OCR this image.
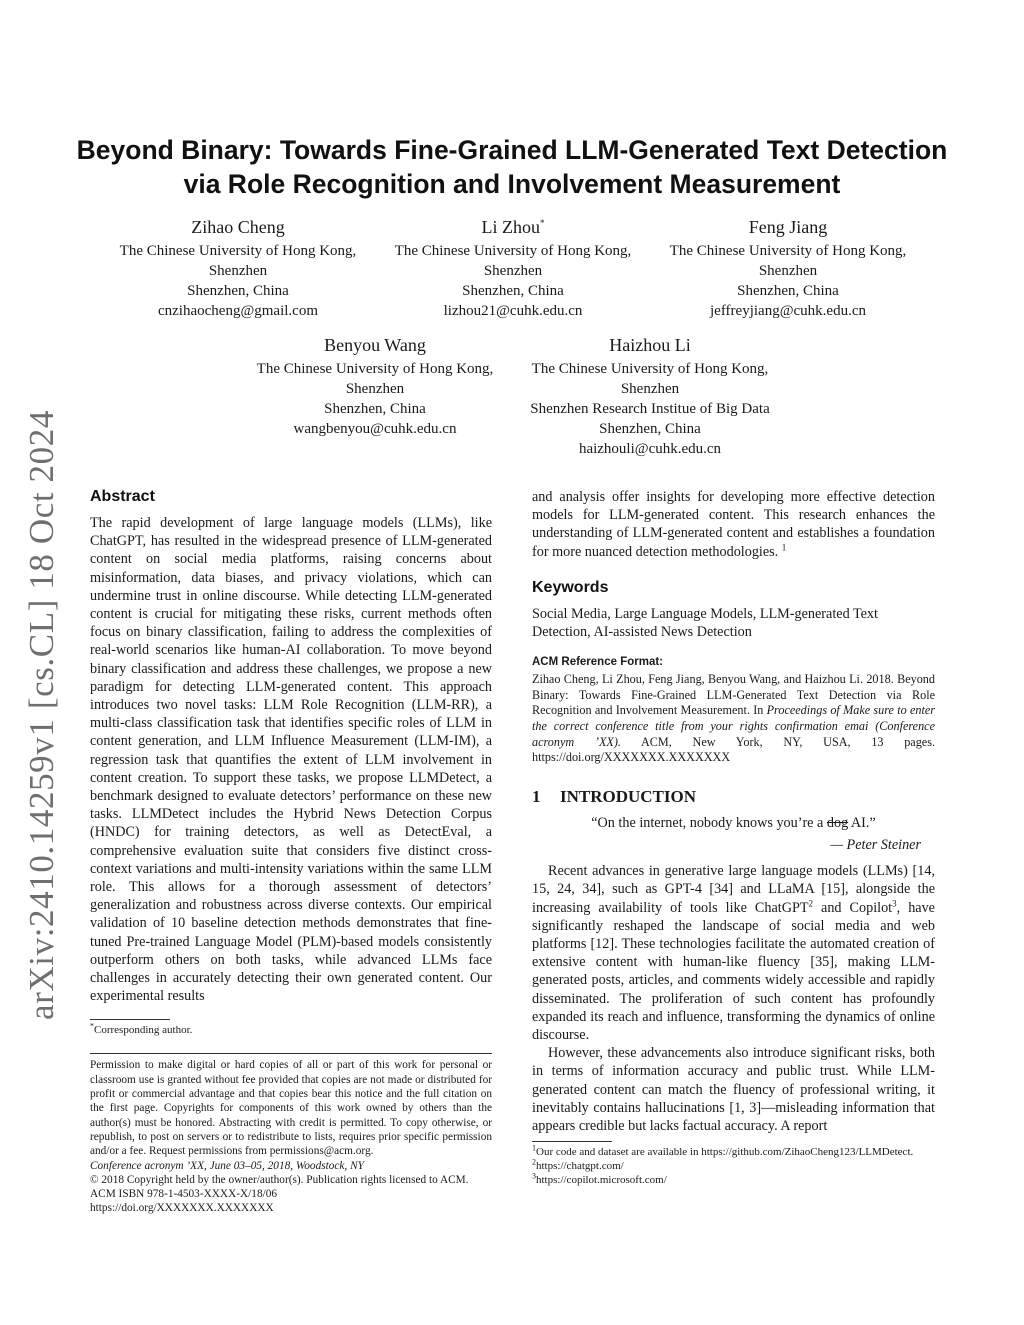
arXiv:2410.14259v1 [cs.CL] 18 Oct 2024
Beyond Binary: Towards Fine-Grained LLM-Generated Text Detection via Role Recognition and Involvement Measurement
Zihao Cheng
The Chinese University of Hong Kong, Shenzhen
Shenzhen, China
cnzihaocheng@gmail.com
Li Zhou*
The Chinese University of Hong Kong, Shenzhen
Shenzhen, China
lizhou21@cuhk.edu.cn
Feng Jiang
The Chinese University of Hong Kong, Shenzhen
Shenzhen, China
jeffreyjiang@cuhk.edu.cn
Benyou Wang
The Chinese University of Hong Kong, Shenzhen
Shenzhen, China
wangbenyou@cuhk.edu.cn
Haizhou Li
The Chinese University of Hong Kong, Shenzhen
Shenzhen Research Institue of Big Data Shenzhen, China
haizhouli@cuhk.edu.cn
Abstract

The rapid development of large language models (LLMs), like ChatGPT, has resulted in the widespread presence of LLM-generated content on social media platforms, raising concerns about misinformation, data biases, and privacy violations, which can undermine trust in online discourse. While detecting LLM-generated content is crucial for mitigating these risks, current methods often focus on binary classification, failing to address the complexities of real-world scenarios like human-AI collaboration. To move beyond binary classification and address these challenges, we propose a new paradigm for detecting LLM-generated content. This approach introduces two novel tasks: LLM Role Recognition (LLM-RR), a multi-class classification task that identifies specific roles of LLM in content generation, and LLM Influence Measurement (LLM-IM), a regression task that quantifies the extent of LLM involvement in content creation. To support these tasks, we propose LLMDetect, a benchmark designed to evaluate detectors’ performance on these new tasks. LLMDetect includes the Hybrid News Detection Corpus (HNDC) for training detectors, as well as DetectEval, a comprehensive evaluation suite that considers five distinct cross-context variations and multi-intensity variations within the same LLM role. This allows for a thorough assessment of detectors’ generalization and robustness across diverse contexts. Our empirical validation of 10 baseline detection methods demonstrates that fine-tuned Pre-trained Language Model (PLM)-based models consistently outperform others on both tasks, while advanced LLMs face challenges in accurately detecting their own generated content. Our experimental results

*Corresponding author.

Permission to make digital or hard copies of all or part of this work for personal or classroom use is granted without fee provided that copies are not made or distributed for profit or commercial advantage and that copies bear this notice and the full citation on the first page. Copyrights for components of this work owned by others than the author(s) must be honored. Abstracting with credit is permitted. To copy otherwise, or republish, to post on servers or to redistribute to lists, requires prior specific permission and/or a fee. Request permissions from permissions@acm.org.

Conference acronym ’XX, June 03–05, 2018, Woodstock, NY

© 2018 Copyright held by the owner/author(s). Publication rights licensed to ACM.

ACM ISBN 978-1-4503-XXXX-X/18/06

https://doi.org/XXXXXXX.XXXXXXX

and analysis offer insights for developing more effective detection models for LLM-generated content. This research enhances the understanding of LLM-generated content and establishes a foundation for more nuanced detection methodologies. $^1$

Keywords

Social Media, Large Language Models, LLM-generated Text Detection, AI-assisted News Detection

ACM Reference Format:

Zihao Cheng, Li Zhou, Feng Jiang, Benyou Wang, and Haizhou Li. 2018. Beyond Binary: Towards Fine-Grained LLM-Generated Text Detection via Role Recognition and Involvement Measurement. In Proceedings of Make sure to enter the correct conference title from your rights confirmation emai (Conference acronym ’XX). ACM, New York, NY, USA, 13 pages. https://doi.org/XXXXXXX.XXXXXXX

1 INTRODUCTION

“On the internet, nobody knows you’re a dog AI.”

— Peter Steiner

Recent advances in generative large language models (LLMs) [14, 15, 24, 34], such as GPT-4 [34] and LLaMA [15], alongside the increasing availability of tools like ChatGPT$^2$ and Copilot$^3$, have significantly reshaped the landscape of social media and web platforms [12]. These technologies facilitate the automated creation of extensive content with human-like fluency [35], making LLM-generated posts, articles, and comments widely accessible and rapidly disseminated. The proliferation of such content has profoundly expanded its reach and influence, transforming the dynamics of online discourse.

However, these advancements also introduce significant risks, both in terms of information accuracy and public trust. While LLM-generated content can match the fluency of professional writing, it inevitably contains hallucinations [1, 3]—misleading information that appears credible but lacks factual accuracy. A report

$^1$Our code and dataset are available in https://github.com/ZihaoCheng123/LLMDetect.
$^2$https://chatgpt.com/
$^3$https://copilot.microsoft.com/
